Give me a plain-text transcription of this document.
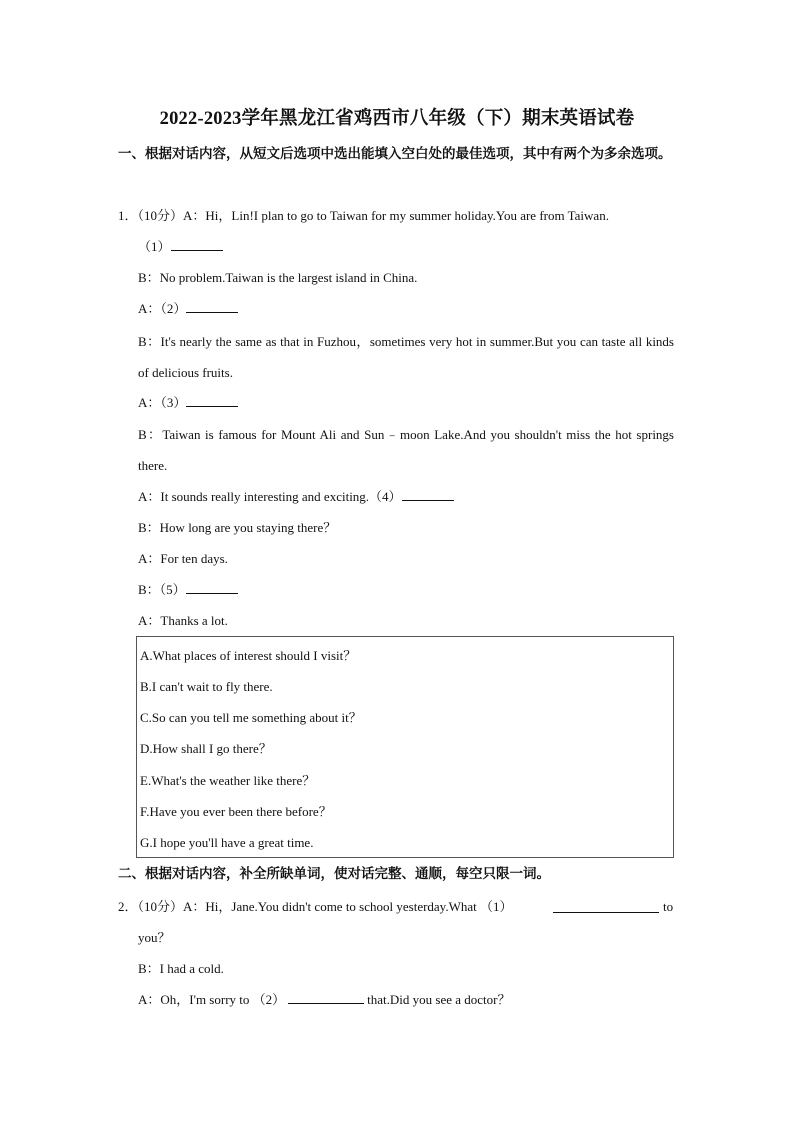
2022-2023学年黑龙江省鸡西市八年级（下）期末英语试卷
一、根据对话内容，从短文后选项中选出能填入空白处的最佳选项，其中有两个为多余选项。
1．（10分）A：Hi，Lin!I plan to go to Taiwan for my summer holiday.You are from Taiwan.
（1）
B：No problem.Taiwan is the largest island in China.
A：（2）
B：It's nearly the same as that in Fuzhou，sometimes very hot in summer.But you can taste all kinds of delicious fruits.
A：（3）
B：Taiwan is famous for Mount Ali and Sun﹣moon Lake.And you shouldn't miss the hot springs there.
A：It sounds really interesting and exciting.（4）
B：How long are you staying there？
A：For ten days.
B：（5）
A：Thanks a lot.
A.What places of interest should I visit？
B.I can't wait to fly there.
C.So can you tell me something about it？
D.How shall I go there？
E.What's the weather like there？
F.Have you ever been there before？
G.I hope you'll have a great time.
二、根据对话内容，补全所缺单词，使对话完整、通顺，每空只限一词。
2．（10分）A：Hi，Jane.You didn't come to school yesterday.What （1）	to
you？
B：I had a cold.
A：Oh，I'm sorry to （2）	that.Did you see a doctor？
